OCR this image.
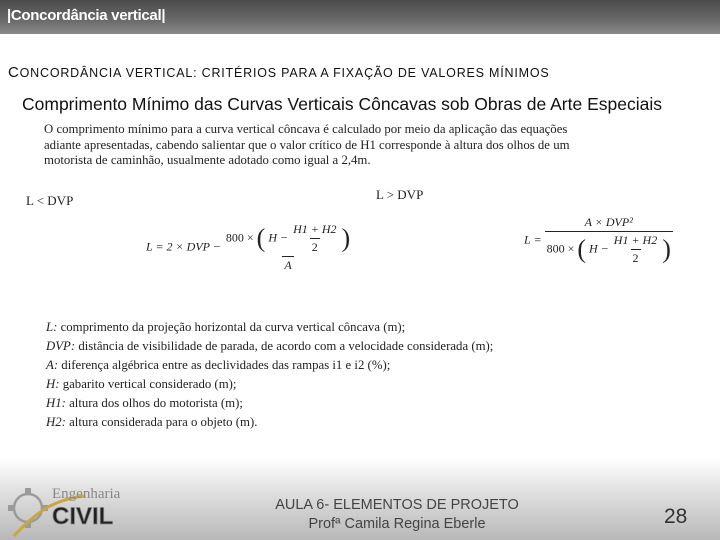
|Concordância vertical|
CONCORDÂNCIA VERTICAL: CRITÉRIOS PARA A FIXAÇÃO DE VALORES MÍNIMOS
Comprimento Mínimo das Curvas Verticais Côncavas sob Obras de Arte Especiais
O comprimento mínimo para a curva vertical côncava é calculado por meio da aplicação das equações adiante apresentadas, cabendo salientar que o valor crítico de H1 corresponde à altura dos olhos de um motorista de caminhão, usualmente adotado como igual a 2,4m.
L < DVP	L > DVP
L = 2 × DVP − $\frac{800 \times ( H - \frac{H1 + H2}{2} )}{A}$	$L = \frac{\text{A × DVP²}}{800 \times ( H - \frac{H1 + H2}{2} )}$
L: comprimento da projeção horizontal da curva vertical côncava (m);
DVP: distância de visibilidade de parada, de acordo com a velocidade considerada (m);
A: diferença algébrica entre as declividades das rampas i1 e i2 (%);
H: gabarito vertical considerado (m);
H1: altura dos olhos do motorista (m);
H2: altura considerada para o objeto (m).
Engenharia
CIVIL	AULA 6- ELEMENTOS DE PROJETO
Profª Camila Regina Eberle	28
